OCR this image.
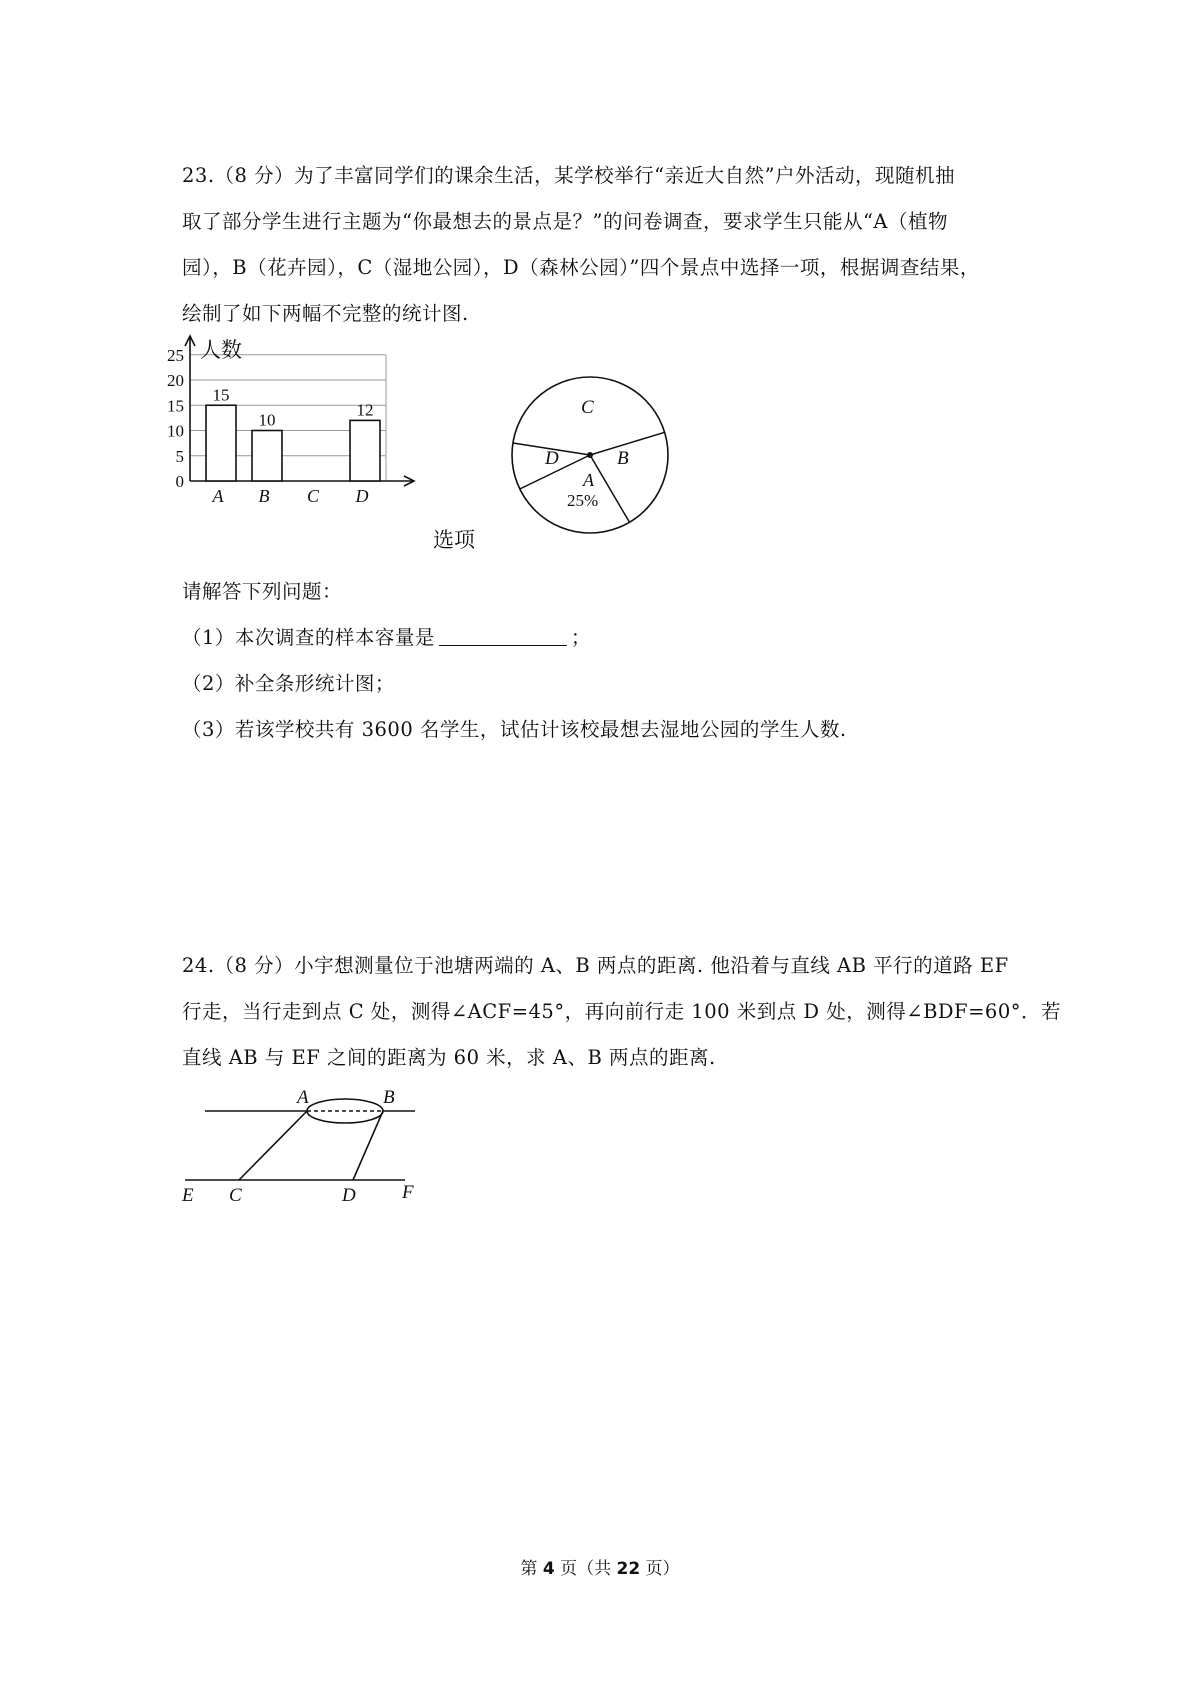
23.（8 分）为了丰富同学们的课余生活，某学校举行“亲近大自然”户外活动，现随机抽
取了部分学生进行主题为“你最想去的景点是？”的问卷调查，要求学生只能从“A（植物
园），B（花卉园），C（湿地公园），D（森林公园）”四个景点中选择一项，根据调查结果，
绘制了如下两幅不完整的统计图.
0
5
10
15
20
25
15
10
12
A B C D
人数
选项
C
B
A
25%
D
请解答下列问题：
（1）本次调查的样本容量是	；
（2）补全条形统计图；
（3）若该学校共有 3600 名学生，试估计该校最想去湿地公园的学生人数.
24.（8 分）小宇想测量位于池塘两端的 A、B 两点的距离. 他沿着与直线 AB 平行的道路 EF
行走，当行走到点 C 处，测得∠ACF=45°，再向前行走 100 米到点 D 处，测得∠BDF=60°．若
直线 AB 与 EF 之间的距离为 60 米，求 A、B 两点的距离.
A	B
E C	D F
第 4 页（共 22 页）
